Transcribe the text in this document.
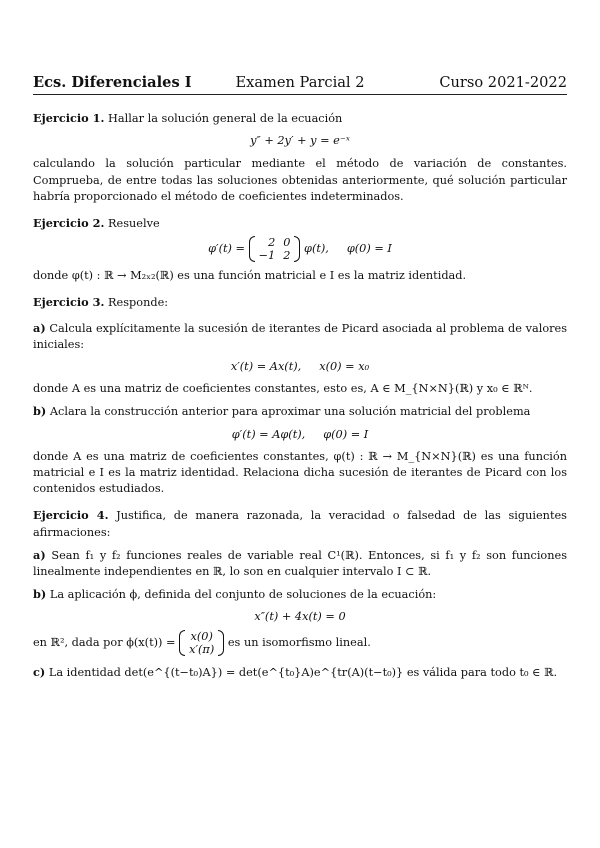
Ecs. Diferenciales I	Examen Parcial 2	Curso 2021-2022

Ejercicio 1. Hallar la solución general de la ecuación

y″ + 2y′ + y = e⁻ˣ

calculando la solución particular mediante el método de variación de constantes. Comprueba, de entre todas las soluciones obtenidas anteriormente, qué solución particular habría proporcionado el método de coeficientes indeterminados.

Ejercicio 2. Resuelve

φ′(t) = 2	0
−1	2
φ(t),     φ(0) = I

donde φ(t) : ℝ → M₂ₓ₂(ℝ) es una función matricial e I es la matriz identidad.

Ejercicio 3. Responde:

a) Calcula explícitamente la sucesión de iterantes de Picard asociada al problema de valores iniciales:

x′(t) = Ax(t),     x(0) = x₀

donde A es una matriz de coeficientes constantes, esto es, A ∈ M_{N×N}(ℝ) y x₀ ∈ ℝᴺ.

b) Aclara la construcción anterior para aproximar una solución matricial del problema

φ′(t) = Aφ(t),     φ(0) = I

donde A es una matriz de coeficientes constantes, φ(t) : ℝ → M_{N×N}(ℝ) es una función matricial e I es la matriz identidad. Relaciona dicha sucesión de iterantes de Picard con los contenidos estudiados.

Ejercicio 4. Justifica, de manera razonada, la veracidad o falsedad de las siguientes afirmaciones:

a) Sean f₁ y f₂ funciones reales de variable real C¹(ℝ). Entonces, si f₁ y f₂ son funciones linealmente independientes en ℝ, lo son en cualquier intervalo I ⊂ ℝ.

b) La aplicación ϕ, definida del conjunto de soluciones de la ecuación:

x″(t) + 4x(t) = 0

en ℝ², dada por ϕ(x(t)) = x(0)
x′(π)
es un isomorfismo lineal.

c) La identidad det(e^{(t−t₀)A}) = det(e^{t₀}A)e^{tr(A)(t−t₀)} es válida para todo t₀ ∈ ℝ.
